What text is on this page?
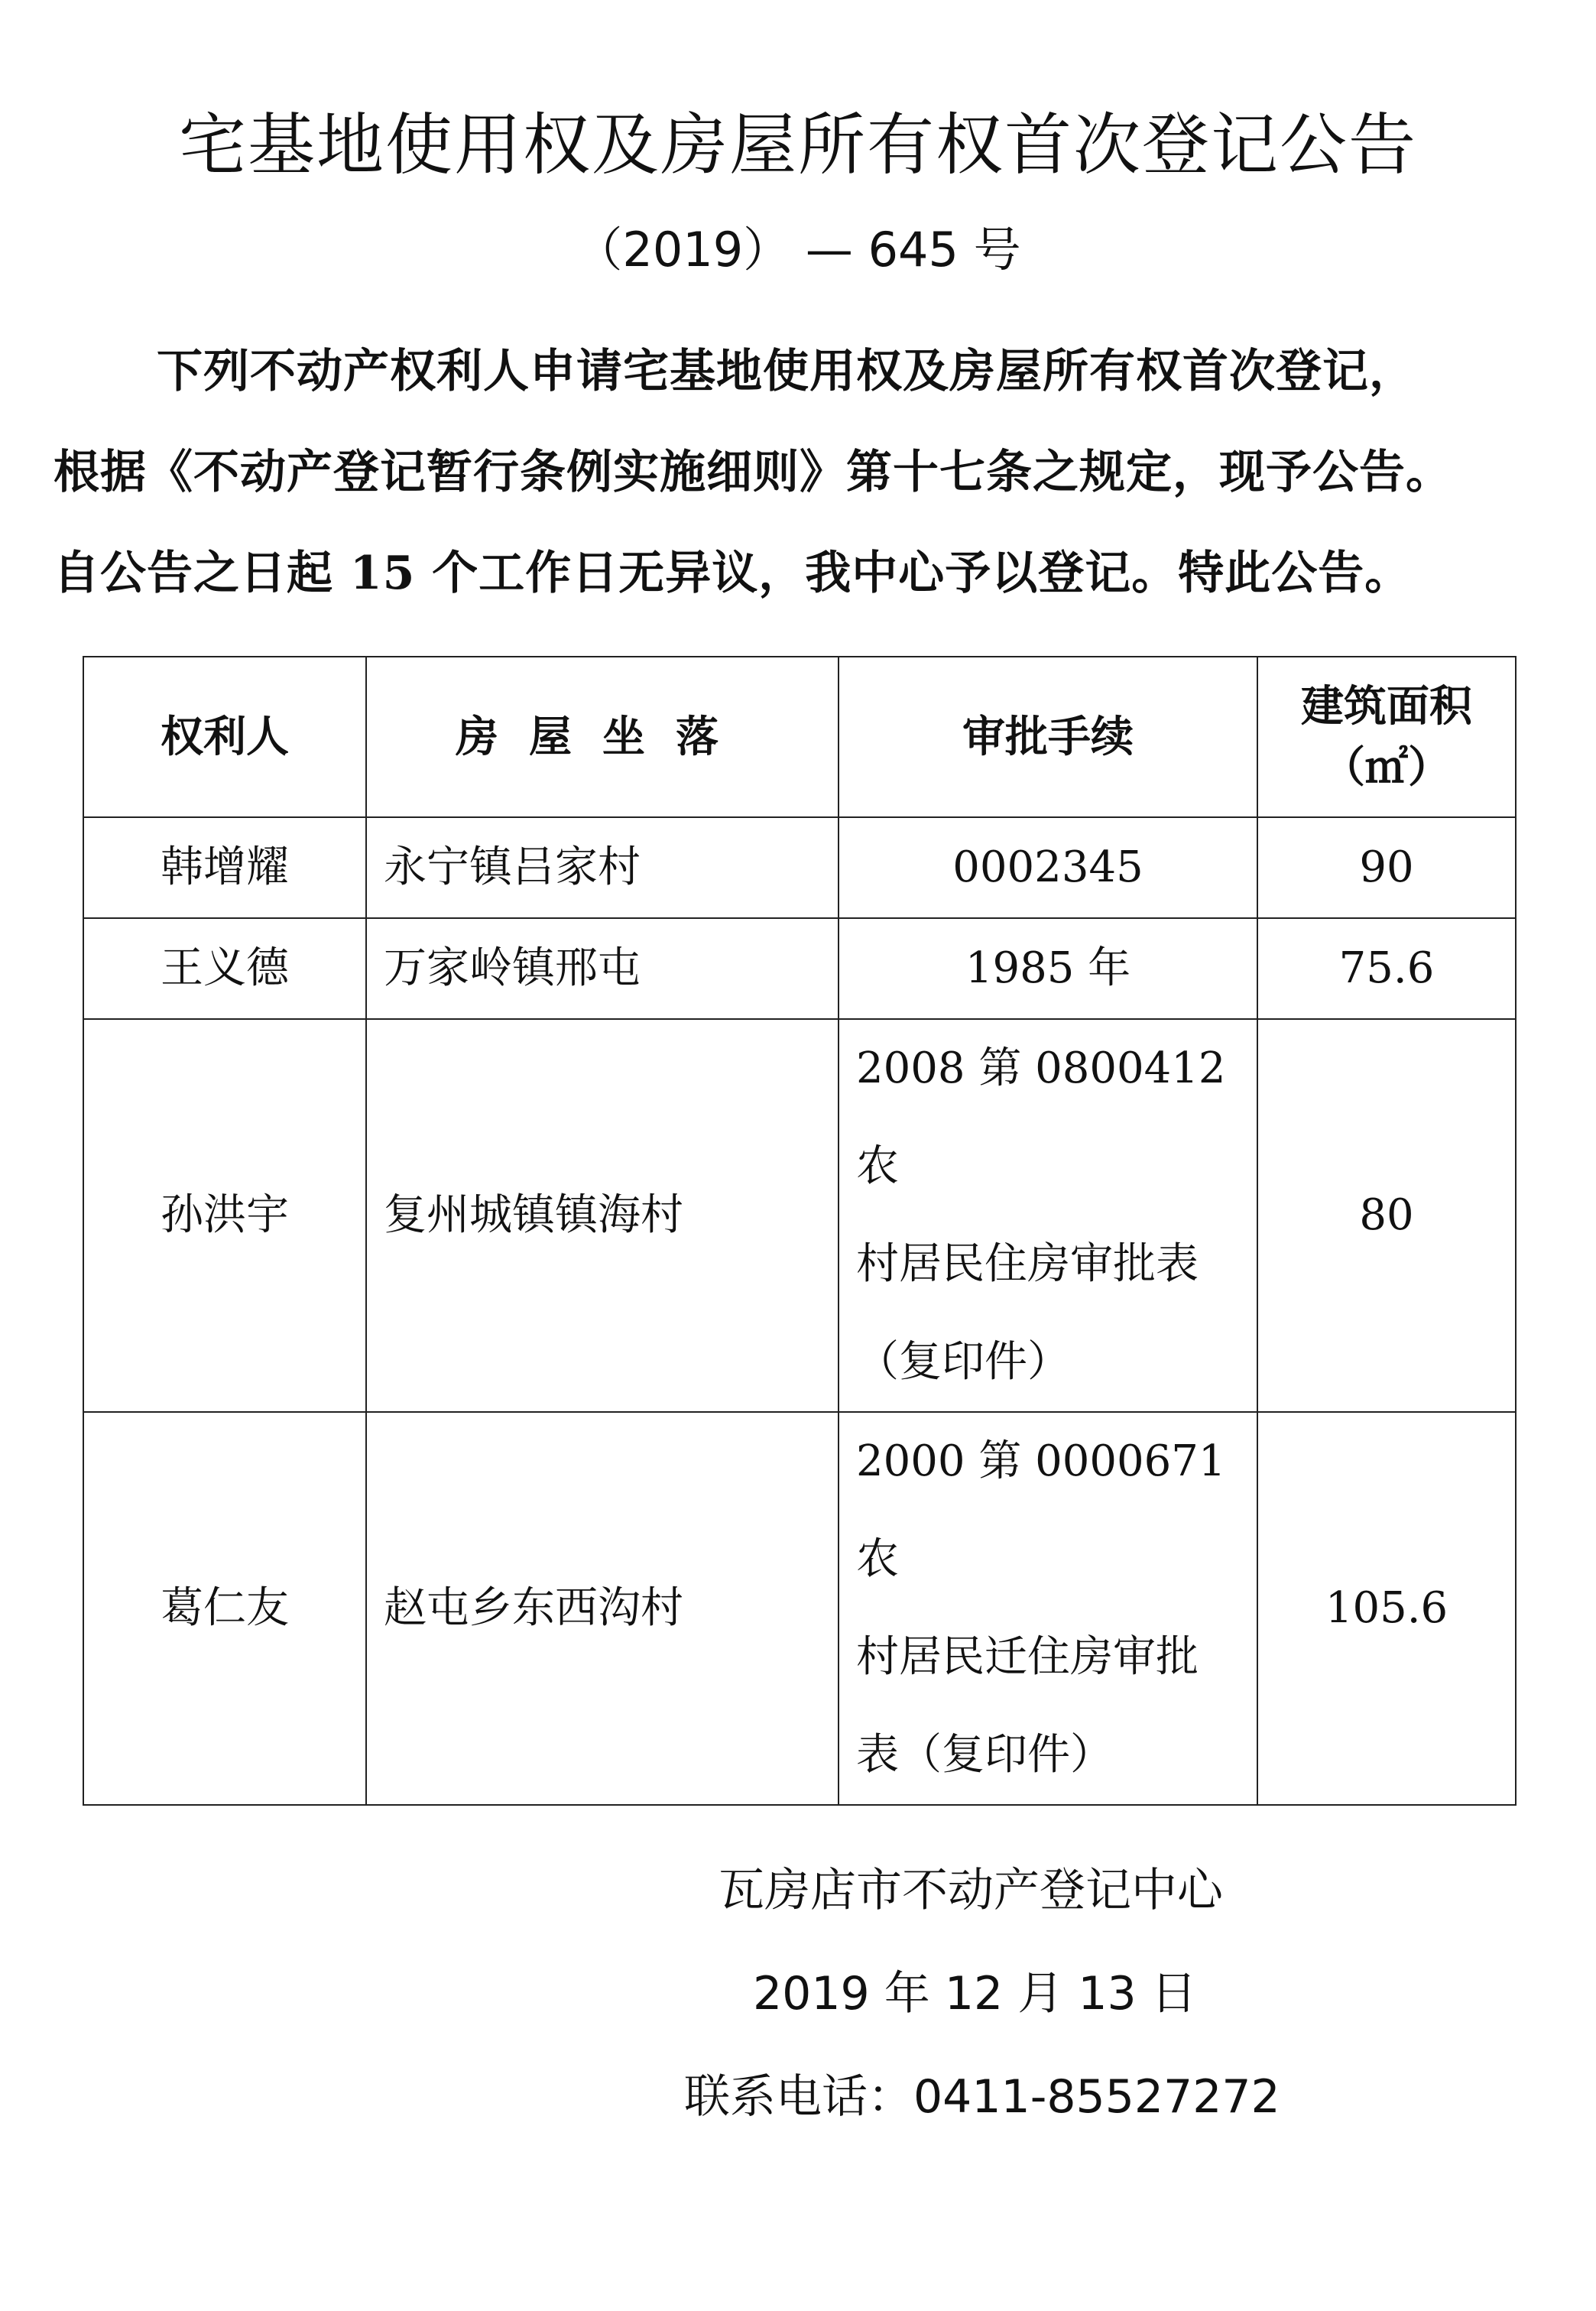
宅基地使用权及房屋所有权首次登记公告
（2019） — 645 号
下列不动产权利人申请宅基地使用权及房屋所有权首次登记，
根据《不动产登记暂行条例实施细则》第十七条之规定，现予公告。
自公告之日起 15 个工作日无异议，我中心予以登记。特此公告。
权利人	房屋坐落	审批手续	建筑面积
（㎡）

韩增耀	永宁镇吕家村	0002345	90
王义德	万家岭镇邢屯	1985 年	75.6
孙洪宇	复州城镇镇海村	2008 第 0800412 农
村居民住房审批表
（复印件）	80
葛仁友	赵屯乡东西沟村	2000 第 0000671 农
村居民迁住房审批
表（复印件）	105.6
瓦房店市不动产登记中心
2019 年 12 月 13 日
联系电话：0411-85527272
